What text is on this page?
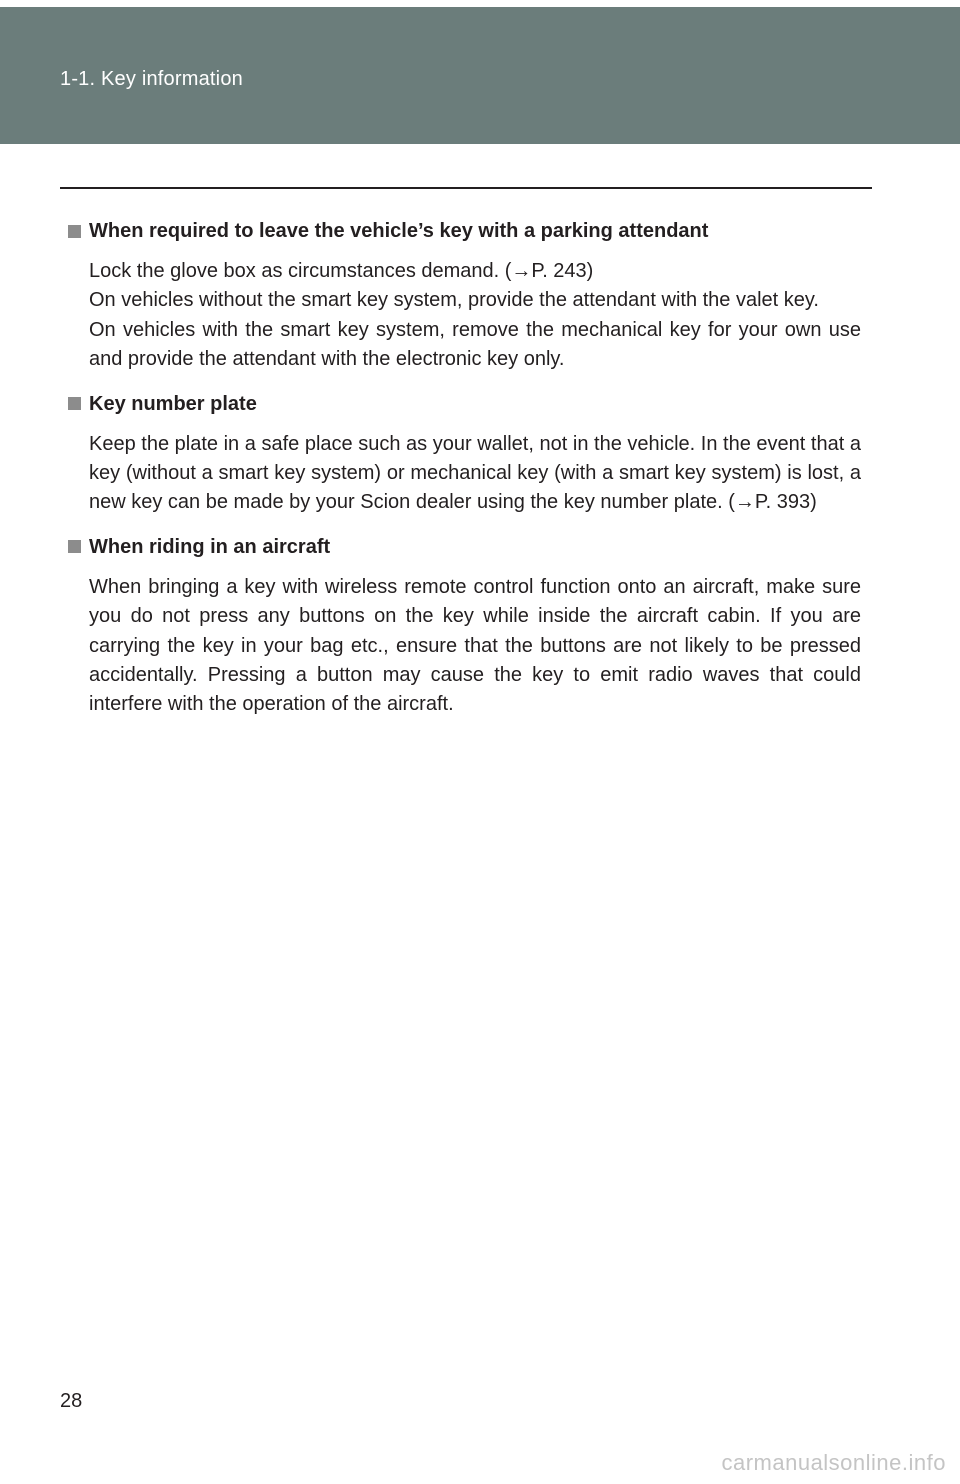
1-1. Key information
When required to leave the vehicle’s key with a parking attendant
Lock the glove box as circumstances demand. (→P. 243)
On vehicles without the smart key system, provide the attendant with the valet key.
On vehicles with the smart key system, remove the mechanical key for your own use and provide the attendant with the electronic key only.
Key number plate
Keep the plate in a safe place such as your wallet, not in the vehicle. In the event that a key (without a smart key system) or mechanical key (with a smart key system) is lost, a new key can be made by your Scion dealer using the key number plate. (→P. 393)
When riding in an aircraft
When bringing a key with wireless remote control function onto an aircraft, make sure you do not press any buttons on the key while inside the aircraft cabin. If you are carrying the key in your bag etc., ensure that the buttons are not likely to be pressed accidentally. Pressing a button may cause the key to emit radio waves that could interfere with the operation of the aircraft.
28
carmanualsonline.info
